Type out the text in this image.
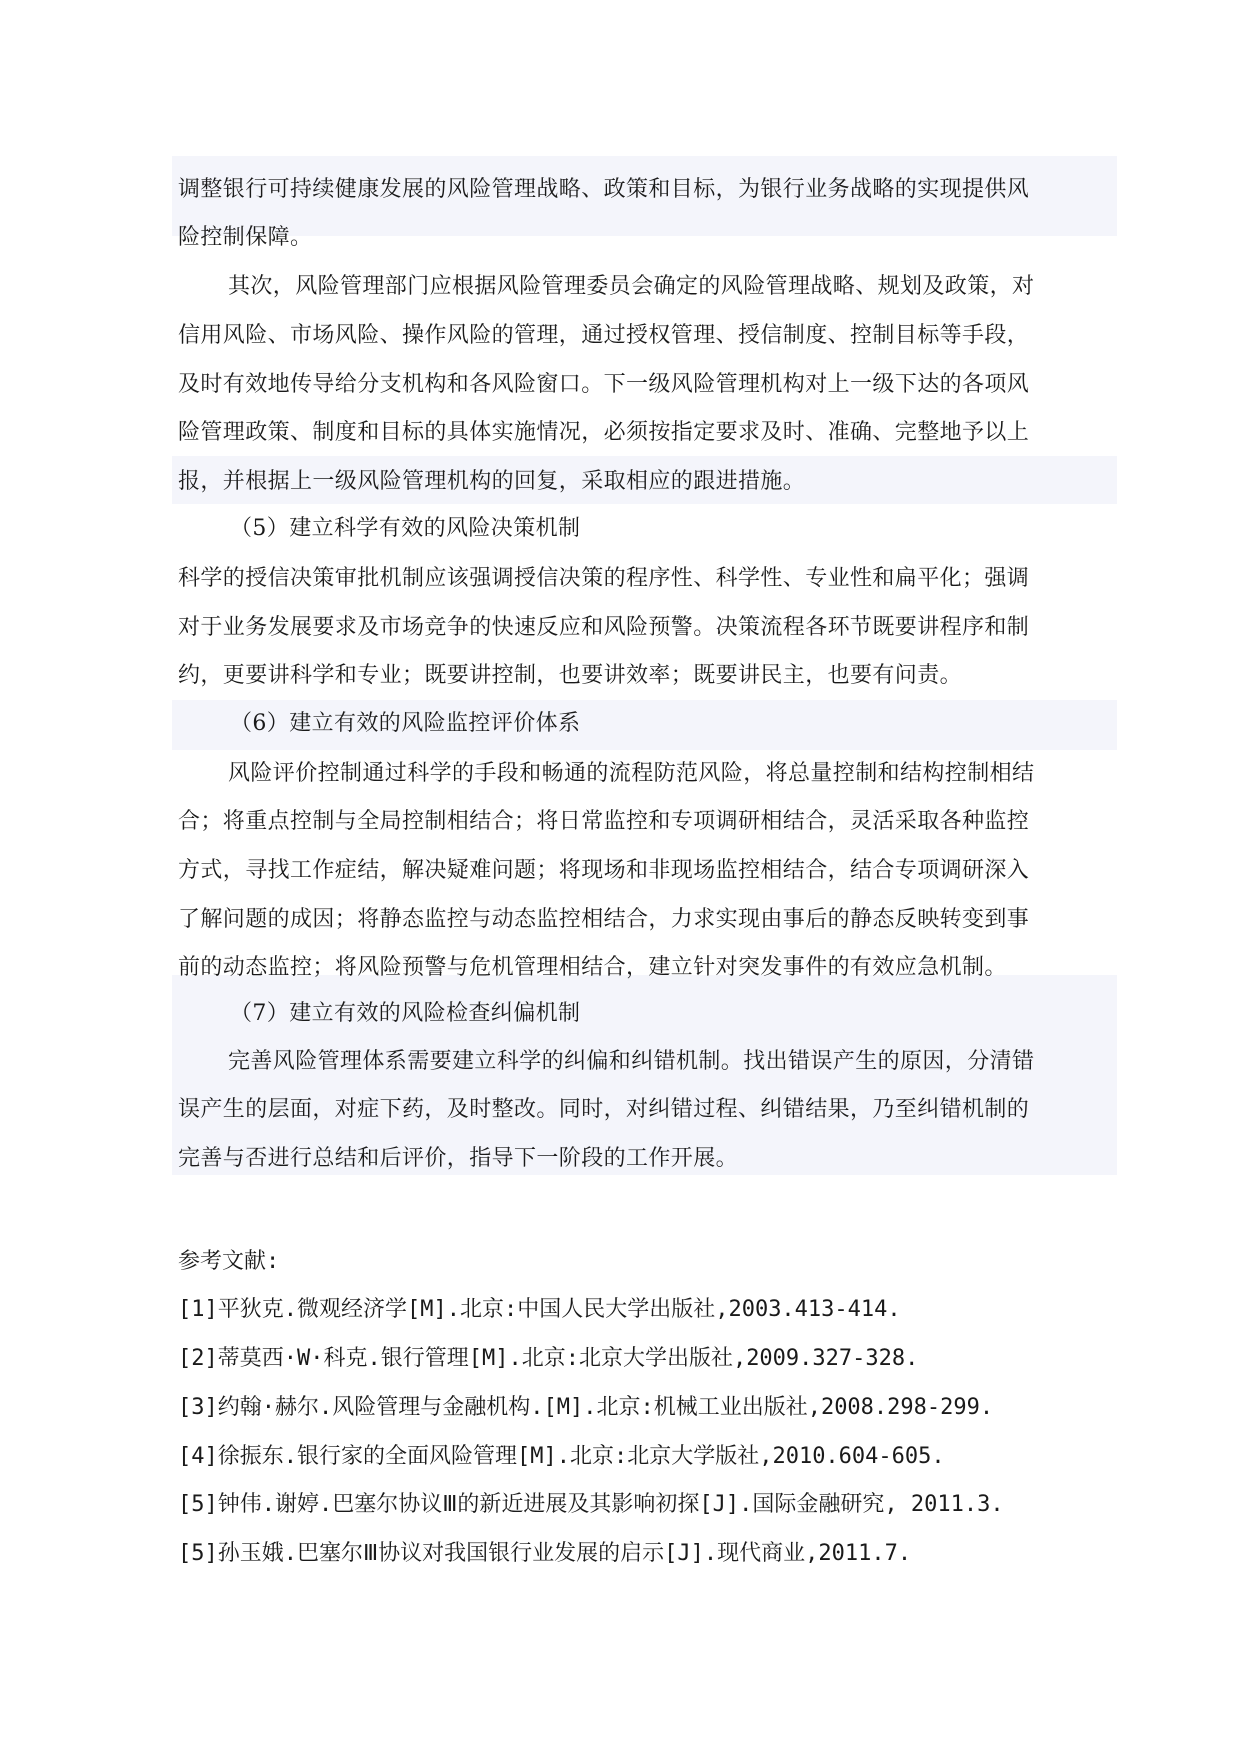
调整银行可持续健康发展的风险管理战略、政策和目标，为银行业务战略的实现提供风
险控制保障。
其次，风险管理部门应根据风险管理委员会确定的风险管理战略、规划及政策，对
信用风险、市场风险、操作风险的管理，通过授权管理、授信制度、控制目标等手段，
及时有效地传导给分支机构和各风险窗口。下一级风险管理机构对上一级下达的各项风
险管理政策、制度和目标的具体实施情况，必须按指定要求及时、准确、完整地予以上
报，并根据上一级风险管理机构的回复，采取相应的跟进措施。
（5）建立科学有效的风险决策机制
科学的授信决策审批机制应该强调授信决策的程序性、科学性、专业性和扁平化；强调
对于业务发展要求及市场竞争的快速反应和风险预警。决策流程各环节既要讲程序和制
约，更要讲科学和专业；既要讲控制，也要讲效率；既要讲民主，也要有问责。
（6）建立有效的风险监控评价体系
风险评价控制通过科学的手段和畅通的流程防范风险，将总量控制和结构控制相结
合；将重点控制与全局控制相结合；将日常监控和专项调研相结合，灵活采取各种监控
方式，寻找工作症结，解决疑难问题；将现场和非现场监控相结合，结合专项调研深入
了解问题的成因；将静态监控与动态监控相结合，力求实现由事后的静态反映转变到事
前的动态监控；将风险预警与危机管理相结合，建立针对突发事件的有效应急机制。
（7）建立有效的风险检查纠偏机制
完善风险管理体系需要建立科学的纠偏和纠错机制。找出错误产生的原因，分清错
误产生的层面，对症下药，及时整改。同时，对纠错过程、纠错结果，乃至纠错机制的
完善与否进行总结和后评价，指导下一阶段的工作开展。
参考文献:
[1]平狄克.微观经济学[M].北京:中国人民大学出版社,2003.413-414.
[2]蒂莫西·W·科克.银行管理[M].北京:北京大学出版社,2009.327-328.
[3]约翰·赫尔.风险管理与金融机构.[M].北京:机械工业出版社,2008.298-299.
[4]徐振东.银行家的全面风险管理[M].北京:北京大学版社,2010.604-605.
[5]钟伟.谢婷.巴塞尔协议Ⅲ的新近进展及其影响初探[J].国际金融研究, 2011.3.
[5]孙玉娥.巴塞尔Ⅲ协议对我国银行业发展的启示[J].现代商业,2011.7.
